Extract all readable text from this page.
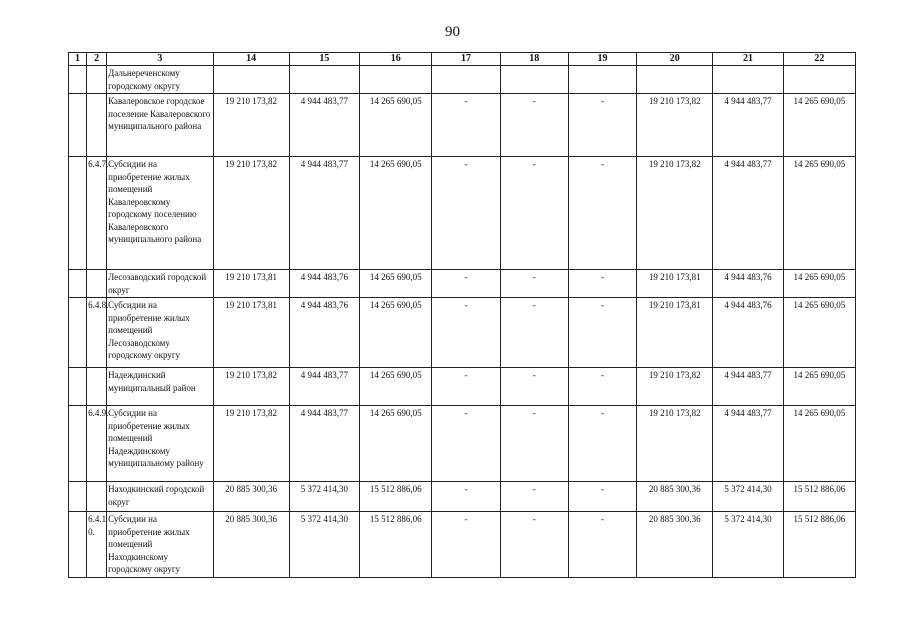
90
1	2	3	14	15	16	17	18	19	20	21	22
		Дальнереченскому городскому округу									
		Кавалеровское городское поселение Кавалеровского муниципального района	19 210 173,82	4 944 483,77	14 265 690,05	-	-	-	19 210 173,82	4 944 483,77	14 265 690,05
	6.4.7.	Субсидии на приобретение жилых помещений Кавалеровскому городскому поселению Кавалеровского муниципального района	19 210 173,82	4 944 483,77	14 265 690,05	-	-	-	19 210 173,82	4 944 483,77	14 265 690,05
		Лесозаводский городской округ	19 210 173,81	4 944 483,76	14 265 690,05	-	-	-	19 210 173,81	4 944 483,76	14 265 690,05
	6.4.8.	Субсидии на приобретение жилых помещений Лесозаводскому городскому округу	19 210 173,81	4 944 483,76	14 265 690,05	-	-	-	19 210 173,81	4 944 483,76	14 265 690,05
		Надеждинский муниципальный район	19 210 173,82	4 944 483,77	14 265 690,05	-	-	-	19 210 173,82	4 944 483,77	14 265 690,05
	6.4.9.	Субсидии на приобретение жилых помещений Надеждинскому муниципальному району	19 210 173,82	4 944 483,77	14 265 690,05	-	-	-	19 210 173,82	4 944 483,77	14 265 690,05
		Находкинский городской округ	20 885 300,36	5 372 414,30	15 512 886,06	-	-	-	20 885 300,36	5 372 414,30	15 512 886,06
	6.4.1 0.	Субсидии на приобретение жилых помещений Находкинскому городскому округу	20 885 300,36	5 372 414,30	15 512 886,06	-	-	-	20 885 300,36	5 372 414,30	15 512 886,06
